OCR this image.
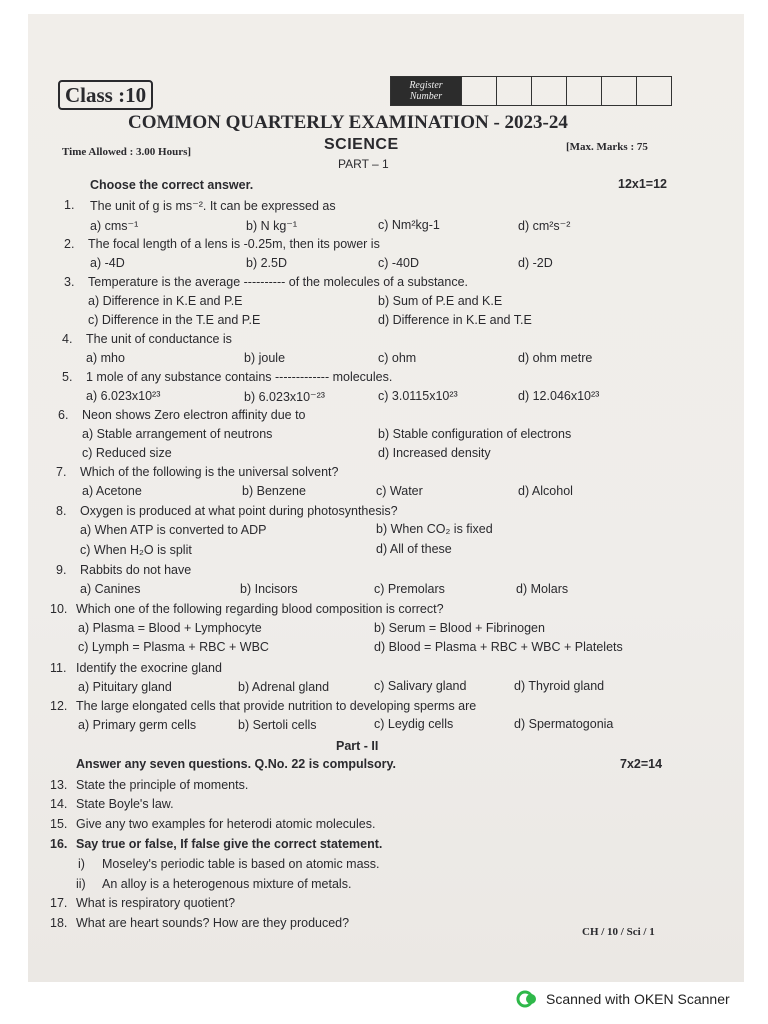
Class :10	Register
Number
COMMON QUARTERLY EXAMINATION - 2023-24
Time Allowed : 3.00 Hours]	SCIENCE	[Max. Marks : 75
PART – 1
Choose the correct answer.	12x1=12
1. The unit of g is ms⁻². It can be expressed as
a) cms⁻¹	b) N kg⁻¹	c) Nm²kg-1	d) cm²s⁻²
2. The focal length of a lens is -0.25m, then its power is
a) -4D	b) 2.5D	c) -40D	d) -2D
3. Temperature is the average ---------- of the molecules of a substance.
a) Difference in K.E and P.E	b) Sum of P.E and K.E
c) Difference in the T.E and P.E	d) Difference in K.E and T.E
4. The unit of conductance is
a) mho	b) joule	c) ohm	d) ohm metre
5. 1 mole of any substance contains ------------- molecules.
a) 6.023x10²³	b) 6.023x10⁻²³	c) 3.0115x10²³	d) 12.046x10²³
6. Neon shows Zero electron affinity due to
a) Stable arrangement of neutrons	b) Stable configuration of electrons
c) Reduced size	d) Increased density
7. Which of the following is the universal solvent?
a) Acetone	b) Benzene	c) Water	d) Alcohol
8. Oxygen is produced at what point during photosynthesis?
a) When ATP is converted to ADP	b) When CO₂ is fixed
c) When H₂O is split	d) All of these
9. Rabbits do not have
a) Canines	b) Incisors	c) Premolars	d) Molars
10. Which one of the following regarding blood composition is correct?
a) Plasma = Blood + Lymphocyte	b) Serum = Blood + Fibrinogen
c) Lymph = Plasma + RBC + WBC	d) Blood = Plasma + RBC + WBC + Platelets
11. Identify the exocrine gland
a) Pituitary gland	b) Adrenal gland	c) Salivary gland	d) Thyroid gland
12. The large elongated cells that provide nutrition to developing sperms are
a) Primary germ cells	b) Sertoli cells	c) Leydig cells	d) Spermatogonia
Part - II
Answer any seven questions. Q.No. 22 is compulsory.	7x2=14
13. State the principle of moments.
14. State Boyle's law.
15. Give any two examples for heterodi atomic molecules.
16. Say true or false, If false give the correct statement.
i) Moseley's periodic table is based on atomic mass.
ii) An alloy is a heterogenous mixture of metals.
17. What is respiratory quotient?
18. What are heart sounds? How are they produced?
CH / 10 / Sci / 1
Scanned with OKEN Scanner
